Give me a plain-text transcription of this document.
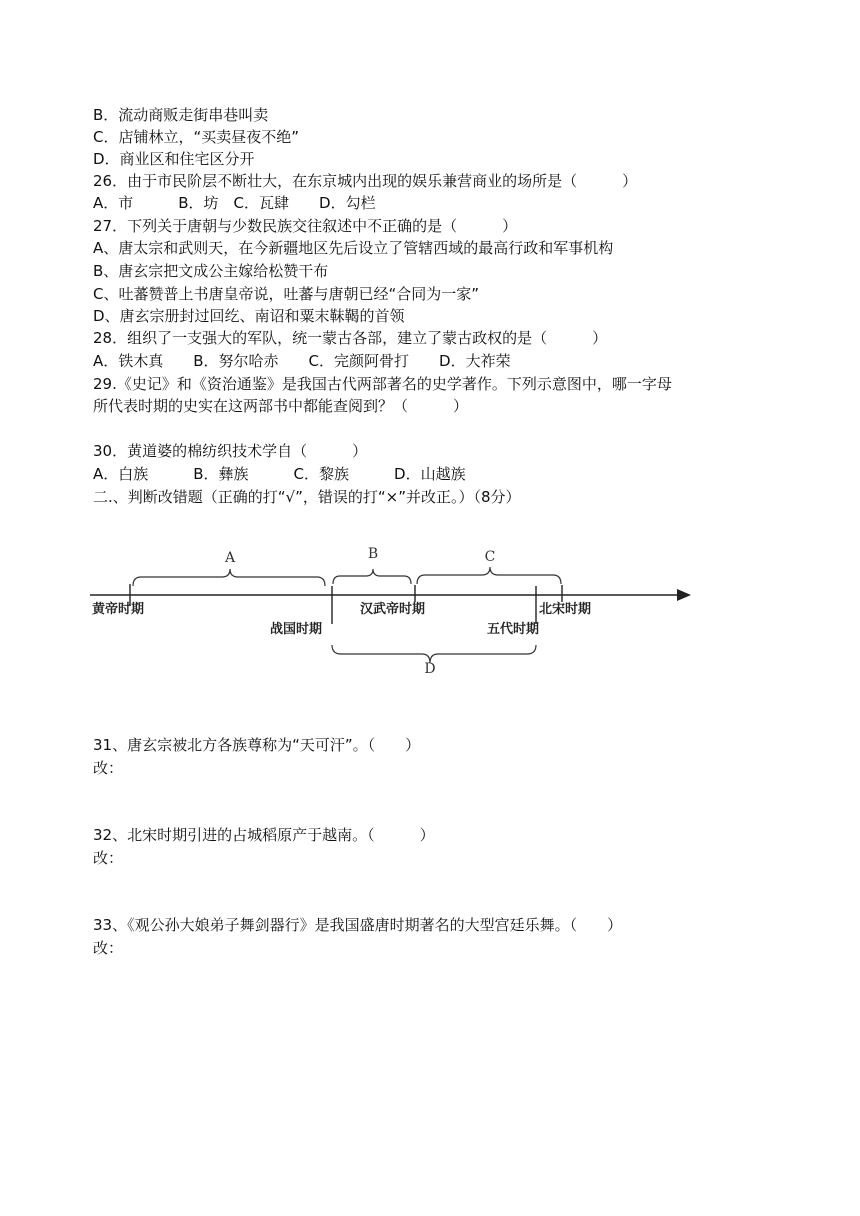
B．流动商贩走街串巷叫卖
C．店铺林立，“买卖昼夜不绝”
D．商业区和住宅区分开
26．由于市民阶层不断壮大，在东京城内出现的娱乐兼营商业的场所是（　　　）
A．市　　　B．坊　C．瓦肆　　D．勾栏
27．下列关于唐朝与少数民族交往叙述中不正确的是（　　　）
A、唐太宗和武则天，在今新疆地区先后设立了管辖西域的最高行政和军事机构
B、唐玄宗把文成公主嫁给松赞干布
C、吐蕃赞普上书唐皇帝说，吐蕃与唐朝已经“合同为一家”
D、唐玄宗册封过回纥、南诏和粟末靺鞨的首领
28．组织了一支强大的军队，统一蒙古各部，建立了蒙古政权的是（　　　）
A．铁木真　　B．努尔哈赤　　C．完颜阿骨打　　D．大祚荣
29.《史记》和《资治通鉴》是我国古代两部著名的史学著作。下列示意图中，哪一字母
所代表时期的史实在这两部书中都能查阅到？（　　　）
30．黄道婆的棉纺织技术学自（　　　）
A．白族　　　B．彝族　　　C．黎族　　　D．山越族
二.、判断改错题（正确的打“√”，错误的打“×”并改正。）（8分）
A	B	C
D
黄帝时期
战国时期
汉武帝时期
五代时期
北宋时期
31、唐玄宗被北方各族尊称为“天可汗”。（　　）
改：
32、北宋时期引进的占城稻原产于越南。（　　　）
改：
33、《观公孙大娘弟子舞剑器行》是我国盛唐时期著名的大型宫廷乐舞。（　　）
改：
